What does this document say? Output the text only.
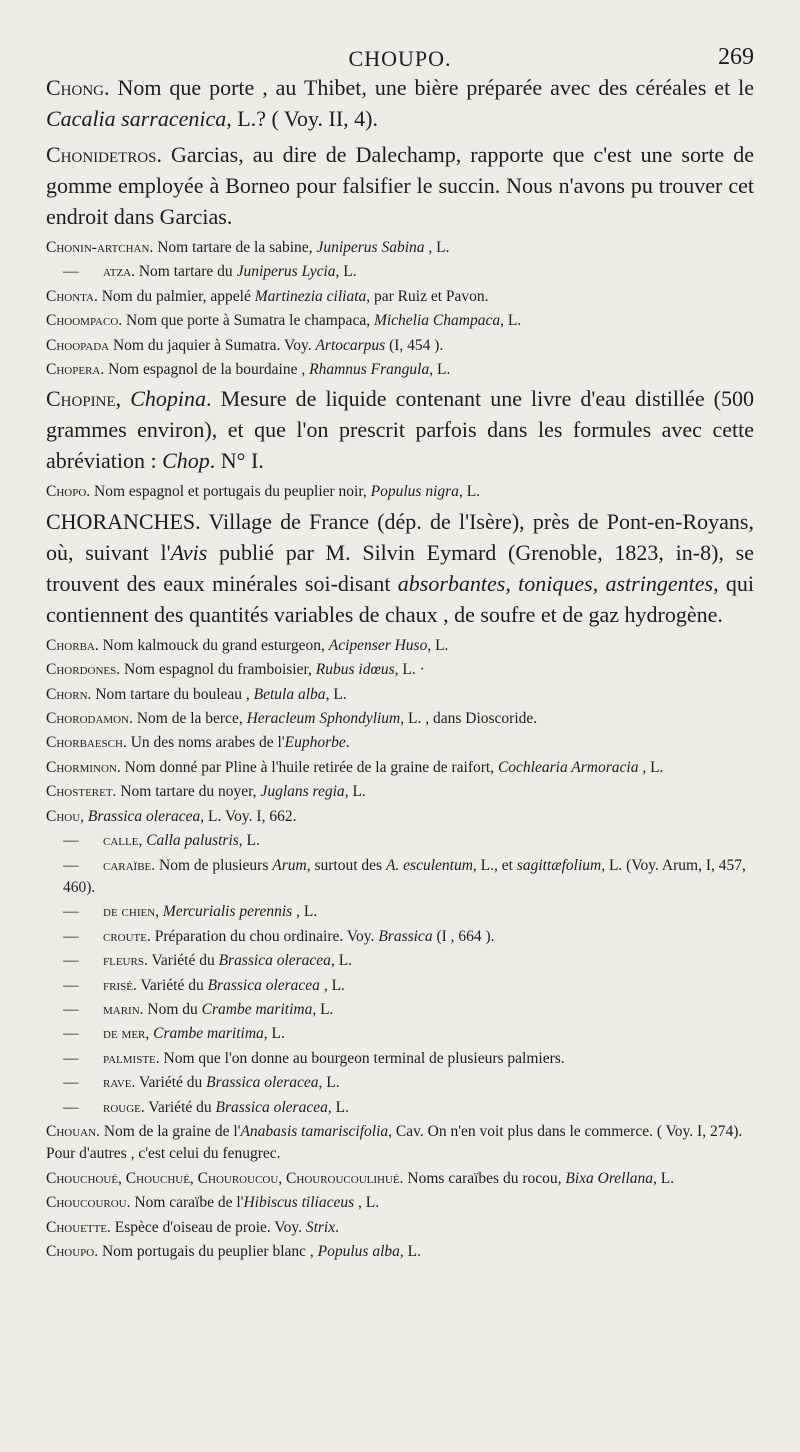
CHOUPO.	269

Chong. Nom que porte , au Thibet, une bière préparée avec des céréales et le Cacalia sarracenica, L.? ( Voy. II, 4).

Chonidetros. Garcias, au dire de Dalechamp, rapporte que c'est une sorte de gomme employée à Borneo pour falsifier le succin. Nous n'avons pu trouver cet endroit dans Garcias.

Chonin-artchan. Nom tartare de la sabine, Juniperus Sabina , L.

— atza. Nom tartare du Juniperus Lycia, L.

Chonta. Nom du palmier, appelé Martinezia ciliata, par Ruiz et Pavon.

Choompaco. Nom que porte à Sumatra le champaca, Michelia Champaca, L.

Choopada Nom du jaquier à Sumatra. Voy. Artocarpus (I, 454 ).

Chopera. Nom espagnol de la bourdaine , Rhamnus Frangula, L.

Chopine, Chopina. Mesure de liquide contenant une livre d'eau distillée (500 grammes environ), et que l'on prescrit parfois dans les formules avec cette abréviation : Chop. N° I.

Chopo. Nom espagnol et portugais du peuplier noir, Populus nigra, L.

CHORANCHES. Village de France (dép. de l'Isère), près de Pont-en-Royans, où, suivant l'Avis publié par M. Silvin Eymard (Grenoble, 1823, in-8), se trouvent des eaux minérales soi-disant absorbantes, toniques, astringentes, qui contiennent des quantités variables de chaux , de soufre et de gaz hydrogène.

Chorba. Nom kalmouck du grand esturgeon, Acipenser Huso, L.

Chordones. Nom espagnol du framboisier, Rubus idœus, L. ·

Chorn. Nom tartare du bouleau , Betula alba, L.

Chorodamon. Nom de la berce, Heracleum Sphondylium, L. , dans Dioscoride.

Chorbaesch. Un des noms arabes de l'Euphorbe.

Chorminon. Nom donné par Pline à l'huile retirée de la graine de raifort, Cochlearia Armoracia , L.

Chosteret. Nom tartare du noyer, Juglans regia, L.

Chou, Brassica oleracea, L. Voy. I, 662.

— calle, Calla palustris, L.

— caraïbe. Nom de plusieurs Arum, surtout des A. esculentum, L., et sagittæfolium, L. (Voy. Arum, I, 457, 460).

— de chien, Mercurialis perennis , L.

— croute. Préparation du chou ordinaire. Voy. Brassica (I , 664 ).

— fleurs. Variété du Brassica oleracea, L.

— frisé. Variété du Brassica oleracea , L.

— marin. Nom du Crambe maritima, L.

— de mer, Crambe maritima, L.

— palmiste. Nom que l'on donne au bourgeon terminal de plusieurs palmiers.

— rave. Variété du Brassica oleracea, L.

— rouge. Variété du Brassica oleracea, L.

Chouan. Nom de la graine de l'Anabasis tamariscifolia, Cav. On n'en voit plus dans le commerce. ( Voy. I, 274). Pour d'autres , c'est celui du fenugrec.

Chouchoué, Chouchué, Chouroucou, Chouroucoulihué. Noms caraïbes du rocou, Bixa Orellana, L.

Choucourou. Nom caraïbe de l'Hibiscus tiliaceus , L.

Chouette. Espèce d'oiseau de proie. Voy. Strix.

Choupo. Nom portugais du peuplier blanc , Populus alba, L.
